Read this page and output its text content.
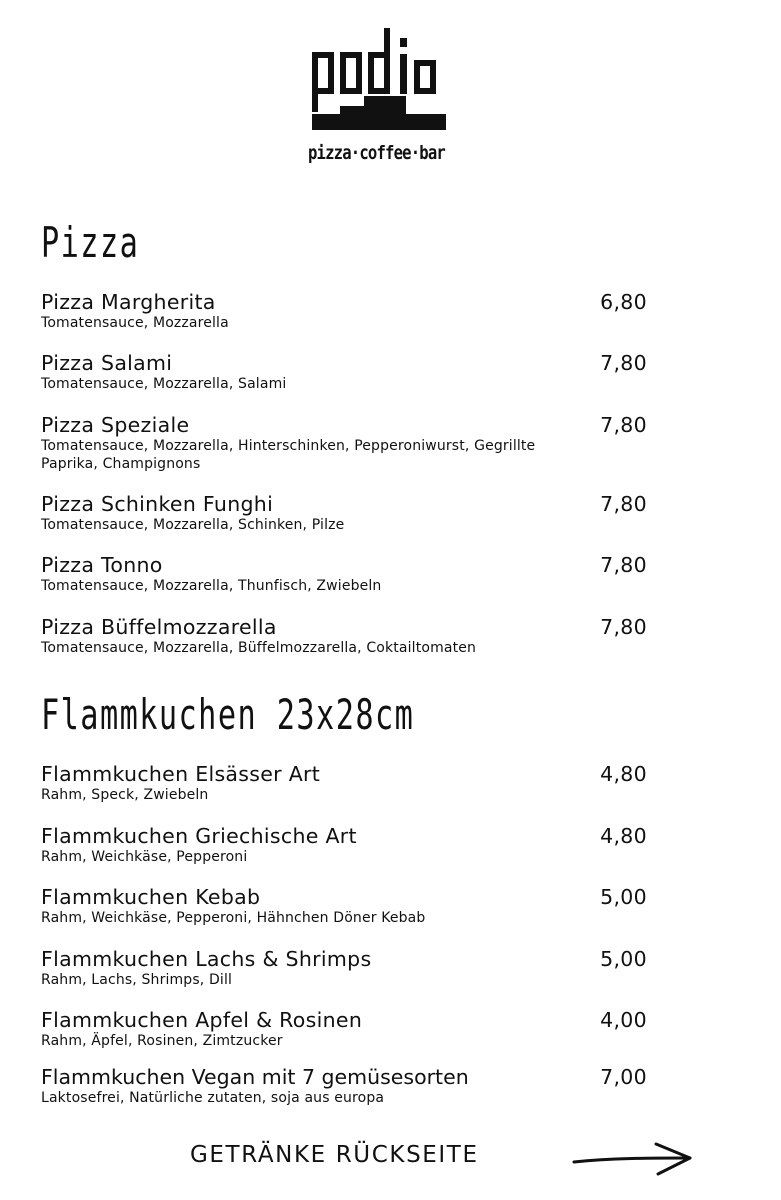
pizza·coffee·bar
Pizza
Pizza Margherita
Tomatensauce, Mozzarella
6,80
Pizza Salami
Tomatensauce, Mozzarella, Salami
7,80
Pizza Speziale
Tomatensauce, Mozzarella, Hinterschinken, Pepperoniwurst, Gegrillte Paprika, Champignons
7,80
Pizza Schinken Funghi
Tomatensauce, Mozzarella, Schinken, Pilze
7,80
Pizza Tonno
Tomatensauce, Mozzarella, Thunfisch, Zwiebeln
7,80
Pizza Büffelmozzarella
Tomatensauce, Mozzarella, Büffelmozzarella, Coktailtomaten
7,80
Flammkuchen 23x28cm
Flammkuchen Elsässer Art
Rahm, Speck, Zwiebeln
4,80
Flammkuchen Griechische Art
Rahm, Weichkäse, Pepperoni
4,80
Flammkuchen Kebab
Rahm, Weichkäse, Pepperoni, Hähnchen Döner Kebab
5,00
Flammkuchen Lachs & Shrimps
Rahm, Lachs, Shrimps, Dill
5,00
Flammkuchen Apfel & Rosinen
Rahm, Äpfel, Rosinen, Zimtzucker
4,00
Flammkuchen Vegan mit 7 gemüsesorten
Laktosefrei, Natürliche zutaten, soja aus europa
7,00
GETRÄNKE RÜCKSEITE
